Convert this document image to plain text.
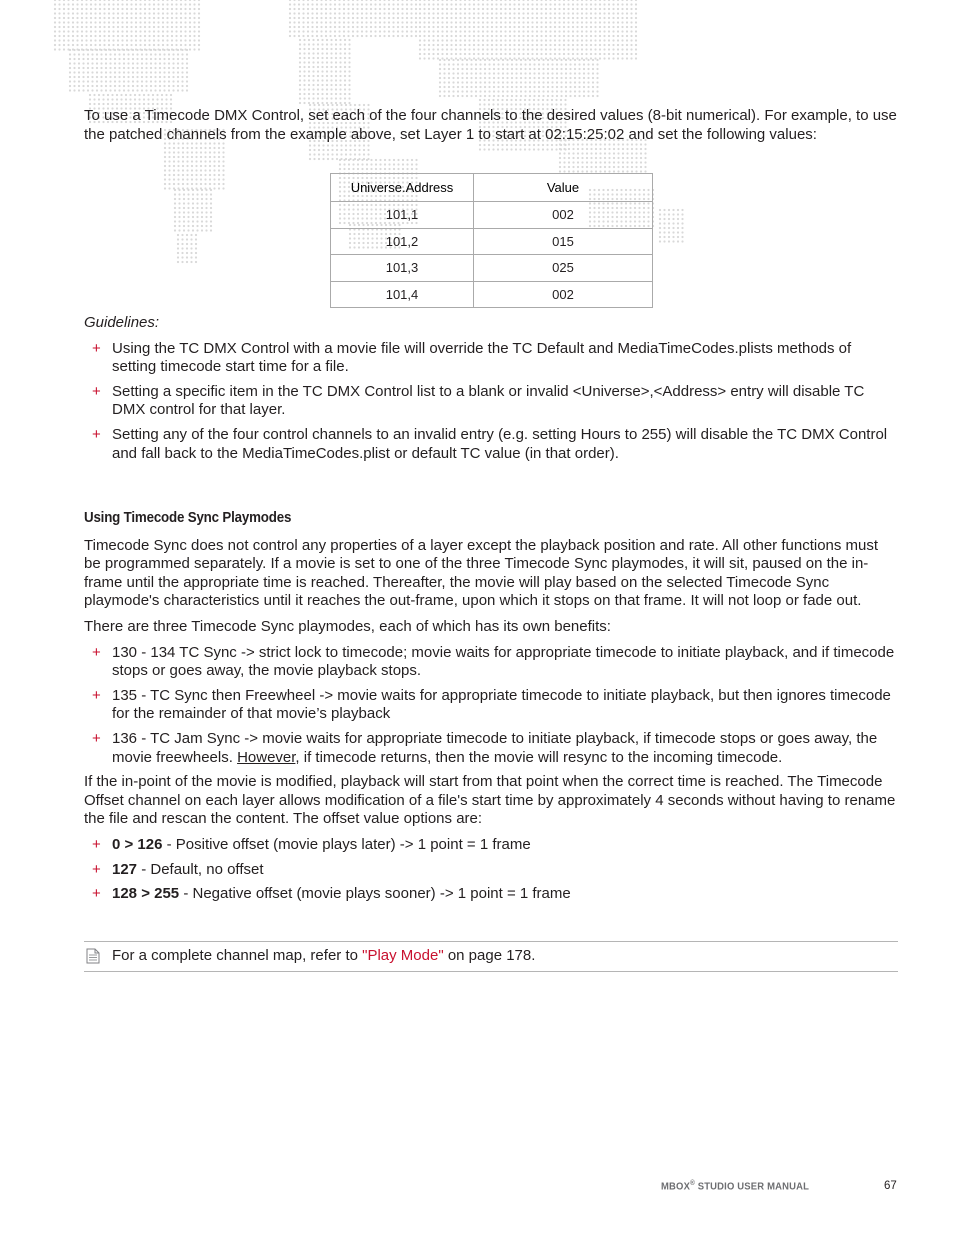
To use a Timecode DMX Control, set each of the four channels to the desired values (8-bit numerical). For example, to use the patched channels from the example above, set Layer 1 to start at 02:15:25:02 and set the following values:

Universe.Address	Value
101,1	002
101,2	015
101,3	025
101,4	002
Guidelines:
+ Using the TC DMX Control with a movie file will override the TC Default and MediaTimeCodes.plists methods of setting timecode start time for a file.
+ Setting a specific item in the TC DMX Control list to a blank or invalid <Universe>,<Address> entry will disable TC DMX control for that layer.
+ Setting any of the four control channels to an invalid entry (e.g. setting Hours to 255) will disable the TC DMX Control and fall back to the MediaTimeCodes.plist or default TC value (in that order).
Using Timecode Sync Playmodes

Timecode Sync does not control any properties of a layer except the playback position and rate. All other functions must be programmed separately. If a movie is set to one of the three Timecode Sync playmodes, it will sit, paused on the in-frame until the appropriate time is reached. Thereafter, the movie will play based on the selected Timecode Sync playmode's characteristics until it reaches the out-frame, upon which it stops on that frame. It will not loop or fade out.

There are three Timecode Sync playmodes, each of which has its own benefits:

+ 130 - 134 TC Sync -> strict lock to timecode; movie waits for appropriate timecode to initiate playback, and if timecode stops or goes away, the movie playback stops.
+ 135 - TC Sync then Freewheel -> movie waits for appropriate timecode to initiate playback, but then ignores timecode for the remainder of that movie’s playback
+ 136 - TC Jam Sync -> movie waits for appropriate timecode to initiate playback, if timecode stops or goes away, the movie freewheels. However, if timecode returns, then the movie will resync to the incoming timecode.

If the in-point of the movie is modified, playback will start from that point when the correct time is reached. The Timecode Offset channel on each layer allows modification of a file's start time by approximately 4 seconds without having to rename the file and rescan the content. The offset value options are:

+ 0 > 126 - Positive offset (movie plays later) -> 1 point = 1 frame
+ 127 - Default, no offset
+ 128 > 255 - Negative offset (movie plays sooner) -> 1 point = 1 frame
For a complete channel map, refer to "Play Mode" on page 178.
MBOX® STUDIO USER MANUAL	67
